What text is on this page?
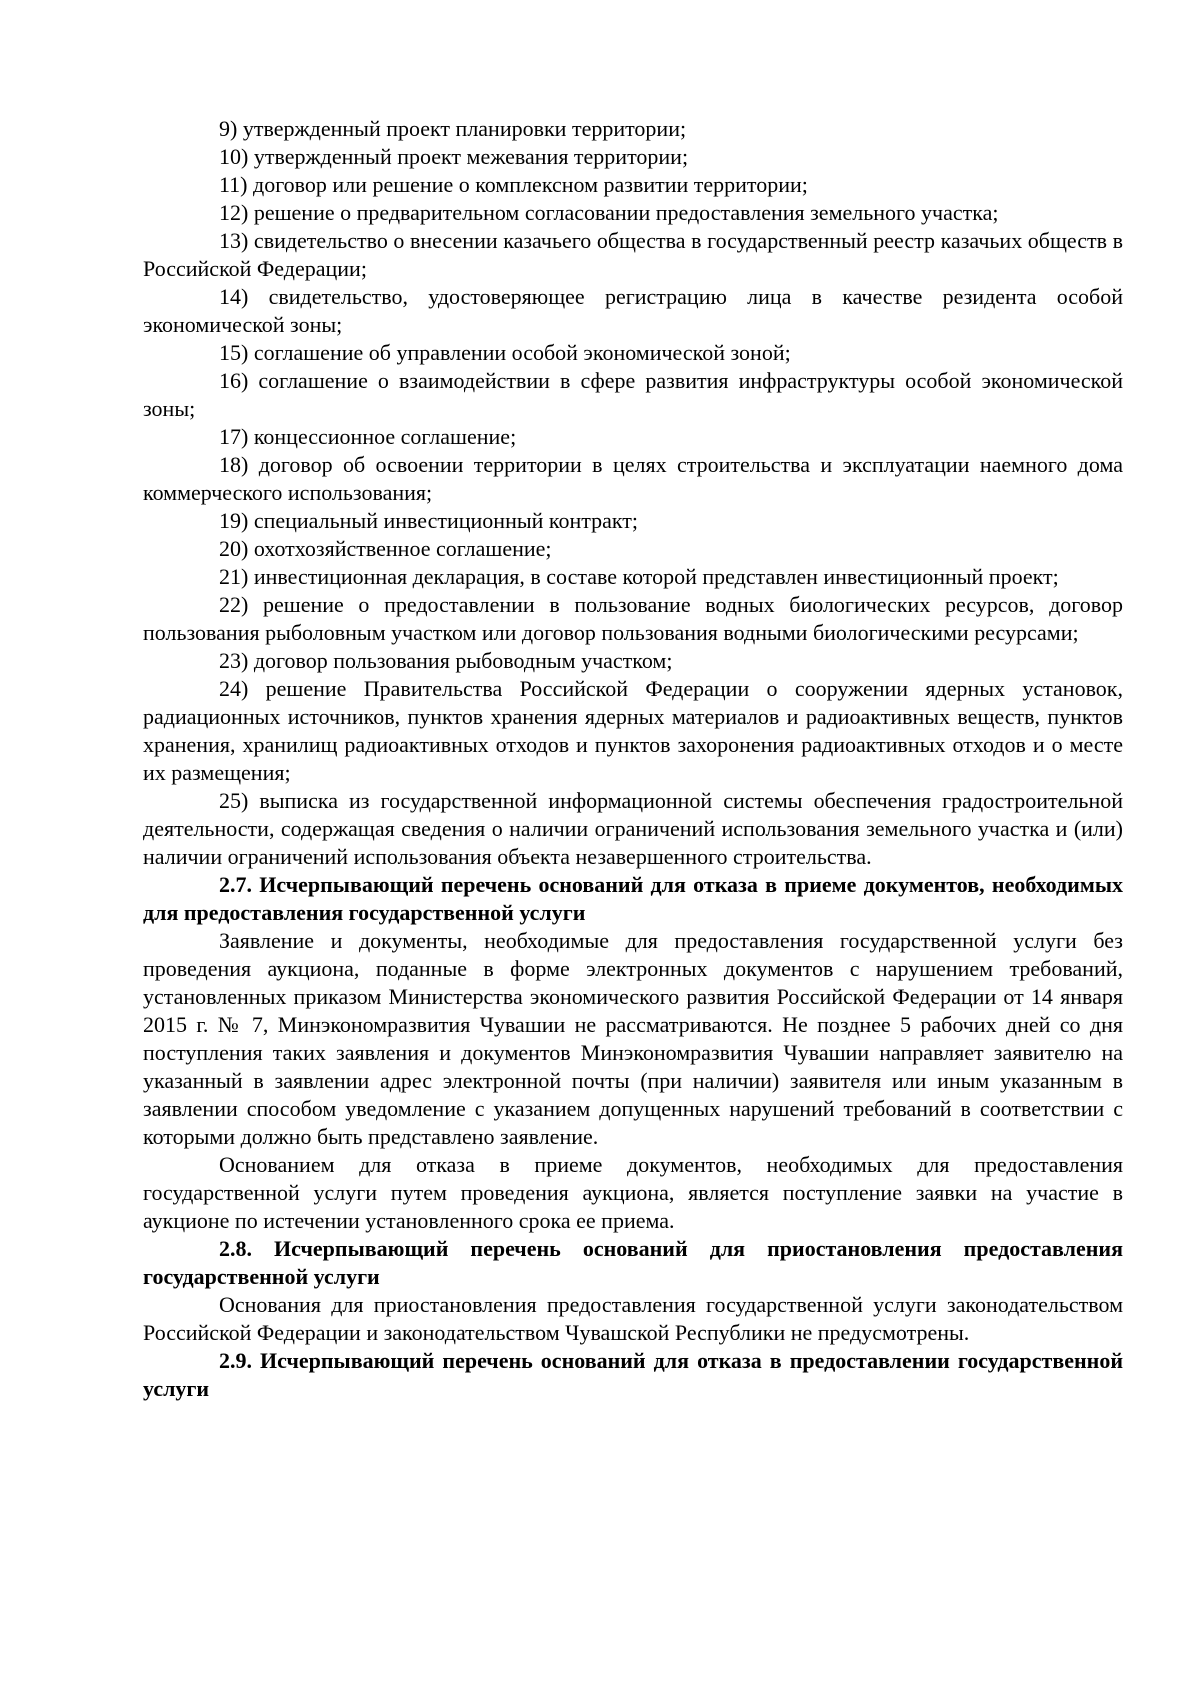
9) утвержденный проект планировки территории;

10) утвержденный проект межевания территории;

11) договор или решение о комплексном развитии территории;

12) решение о предварительном согласовании предоставления земельного участка;

13) свидетельство о внесении казачьего общества в государственный реестр казачьих обществ в Российской Федерации;

14) свидетельство, удостоверяющее регистрацию лица в качестве резидента особой экономической зоны;

15) соглашение об управлении особой экономической зоной;

16) соглашение о взаимодействии в сфере развития инфраструктуры особой экономической зоны;

17) концессионное соглашение;

18) договор об освоении территории в целях строительства и эксплуатации наемного дома коммерческого использования;

19) специальный инвестиционный контракт;

20) охотхозяйственное соглашение;

21) инвестиционная декларация, в составе которой представлен инвестиционный проект;

22) решение о предоставлении в пользование водных биологических ресурсов, договор пользования рыболовным участком или договор пользования водными биологическими ресурсами;

23) договор пользования рыбоводным участком;

24) решение Правительства Российской Федерации о сооружении ядерных установок, радиационных источников, пунктов хранения ядерных материалов и радиоактивных веществ, пунктов хранения, хранилищ радиоактивных отходов и пунктов захоронения радиоактивных отходов и о месте их размещения;

25) выписка из государственной информационной системы обеспечения градостроительной деятельности, содержащая сведения о наличии ограничений использования земельного участка и (или) наличии ограничений использования объекта незавершенного строительства.

2.7. Исчерпывающий перечень оснований для отказа в приеме документов, необходимых для предоставления государственной услуги

Заявление и документы, необходимые для предоставления государственной услуги без проведения аукциона, поданные в форме электронных документов с нарушением требований, установленных приказом Министерства экономического развития Российской Федерации от 14 января 2015 г. № 7, Минэкономразвития Чувашии не рассматриваются. Не позднее 5 рабочих дней со дня поступления таких заявления и документов Минэкономразвития Чувашии направляет заявителю на указанный в заявлении адрес электронной почты (при наличии) заявителя или иным указанным в заявлении способом уведомление с указанием допущенных нарушений требований в соответствии с которыми должно быть представлено заявление.

Основанием для отказа в приеме документов, необходимых для предоставления государственной услуги путем проведения аукциона, является поступление заявки на участие в аукционе по истечении установленного срока ее приема.

2.8. Исчерпывающий перечень оснований для приостановления предоставления государственной услуги

Основания для приостановления предоставления государственной услуги законодательством Российской Федерации и законодательством Чувашской Республики не предусмотрены.

2.9. Исчерпывающий перечень оснований для отказа в предоставлении государственной услуги
